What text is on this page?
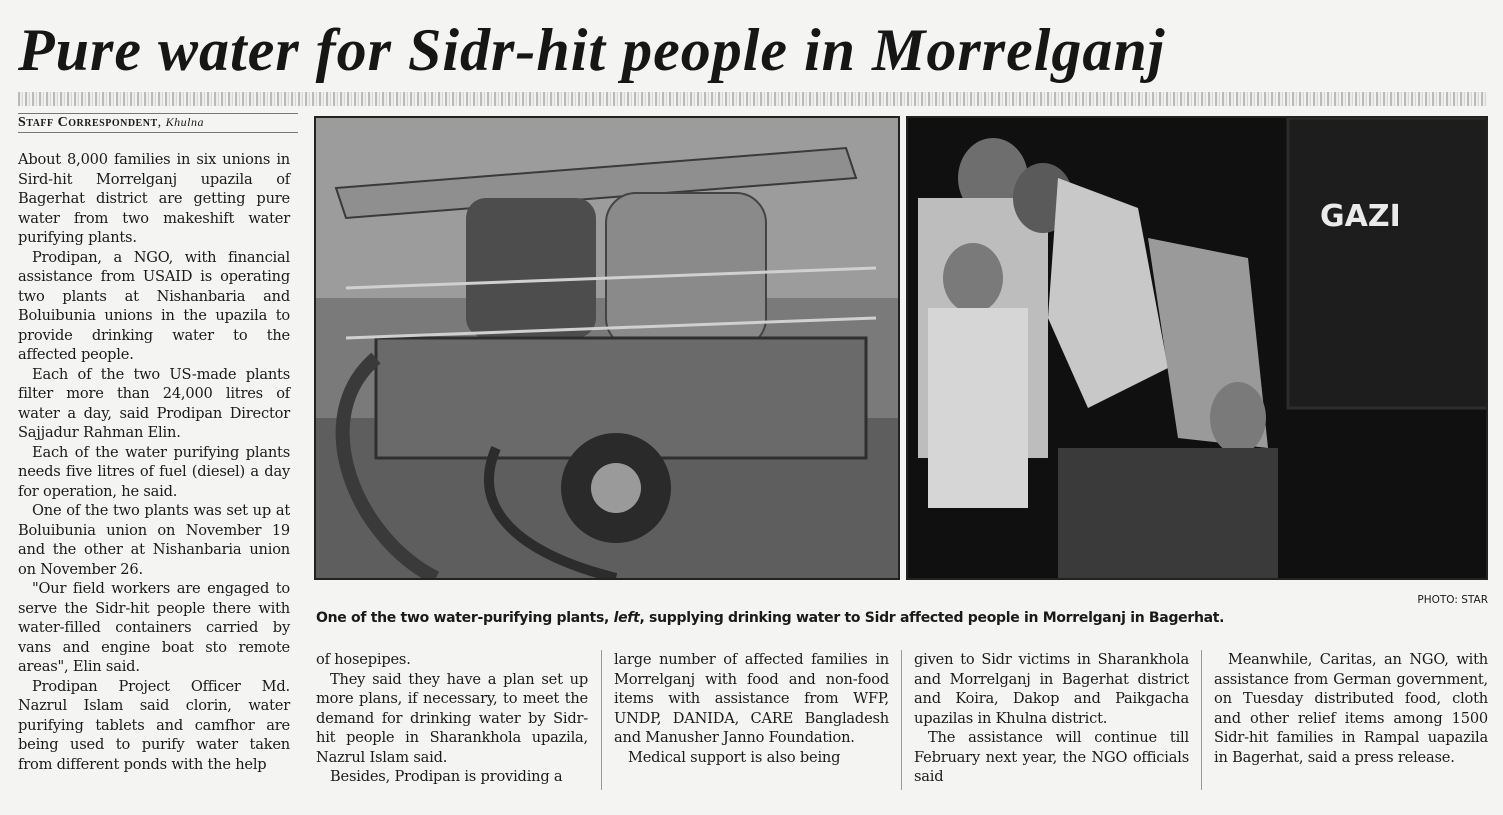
Pure water for Sidr-hit people in Morrelganj
Staff Correspondent, Khulna

About 8,000 families in six unions in Sird-hit Morrelganj upazila of Bagerhat district are getting pure water from two makeshift water purifying plants.

Prodipan, a NGO, with financial assistance from USAID is operating two plants at Nishanbaria and Boluibunia unions in the upazila to provide drinking water to the affected people.

Each of the two US-made plants filter more than 24,000 litres of water a day, said Prodipan Director Sajjadur Rahman Elin.

Each of the water purifying plants needs five litres of fuel (diesel) a day for operation, he said.

One of the two plants was set up at Boluibunia union on November 19 and the other at Nishanbaria union on November 26.

"Our field workers are engaged to serve the Sidr-hit people there with water-filled containers carried by vans and engine boat sto remote areas", Elin said.

Prodipan Project Officer Md. Nazrul Islam said clorin, water purifying tablets and camfhor are being used to purify water taken from different ponds with the help

GAZI
PHOTO: STAR
One of the two water-purifying plants, left, supplying drinking water to Sidr affected people in Morrelganj in Bagerhat.

of hosepipes.

They said they have a plan set up more plans, if necessary, to meet the demand for drinking water by Sidr-hit people in Sharankhola upazila, Nazrul Islam said.

Besides, Prodipan is providing a

large number of affected families in Morrelganj with food and non-food items with assistance from WFP, UNDP, DANIDA, CARE Bangladesh and Manusher Janno Foundation.

Medical support is also being

given to Sidr victims in Sharankhola and Morrelganj in Bagerhat district and Koira, Dakop and Paikgacha upazilas in Khulna district.

The assistance will continue till February next year, the NGO officials said

Meanwhile, Caritas, an NGO, with assistance from German government, on Tuesday distributed food, cloth and other relief items among 1500 Sidr-hit families in Rampal uapazila in Bagerhat, said a press release.
